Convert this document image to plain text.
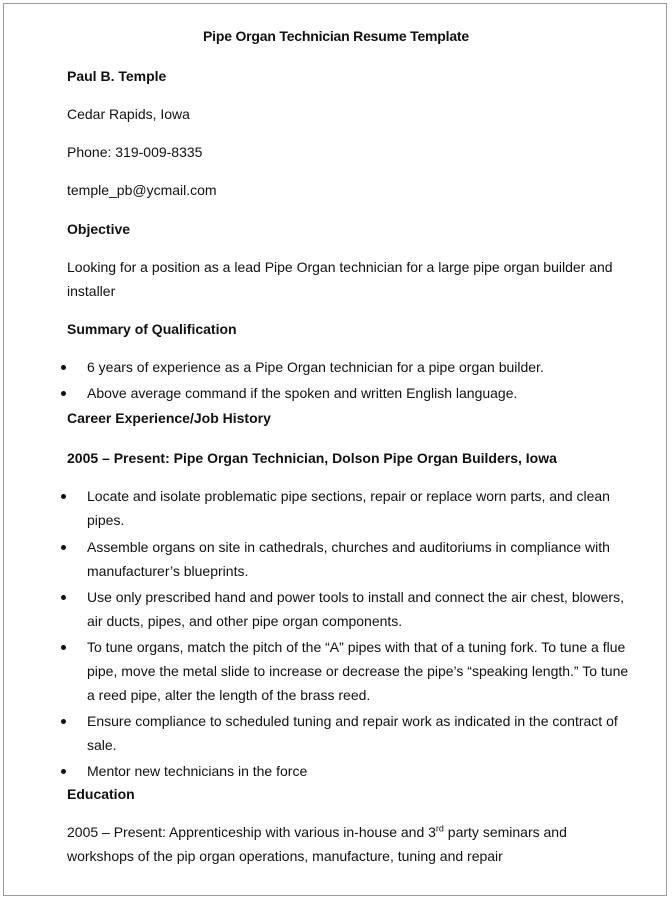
Pipe Organ Technician Resume Template
Paul B. Temple
Cedar Rapids, Iowa
Phone: 319-009-8335
temple_pb@ycmail.com
Objective
Looking for a position as a lead Pipe Organ technician for a large pipe organ builder and installer
Summary of Qualification
6 years of experience as a Pipe Organ technician for a pipe organ builder.
Above average command if the spoken and written English language.
Career Experience/Job History
2005 – Present: Pipe Organ Technician, Dolson Pipe Organ Builders, Iowa
Locate and isolate problematic pipe sections, repair or replace worn parts, and clean pipes.
Assemble organs on site in cathedrals, churches and auditoriums in compliance with manufacturer’s blueprints.
Use only prescribed hand and power tools to install and connect the air chest, blowers, air ducts, pipes, and other pipe organ components.
To tune organs, match the pitch of the “A” pipes with that of a tuning fork. To tune a flue pipe, move the metal slide to increase or decrease the pipe’s “speaking length.” To tune a reed pipe, alter the length of the brass reed.
Ensure compliance to scheduled tuning and repair work as indicated in the contract of sale.
Mentor new technicians in the force
Education
2005 – Present: Apprenticeship with various in-house and 3rd party seminars and workshops of the pip organ operations, manufacture, tuning and repair
